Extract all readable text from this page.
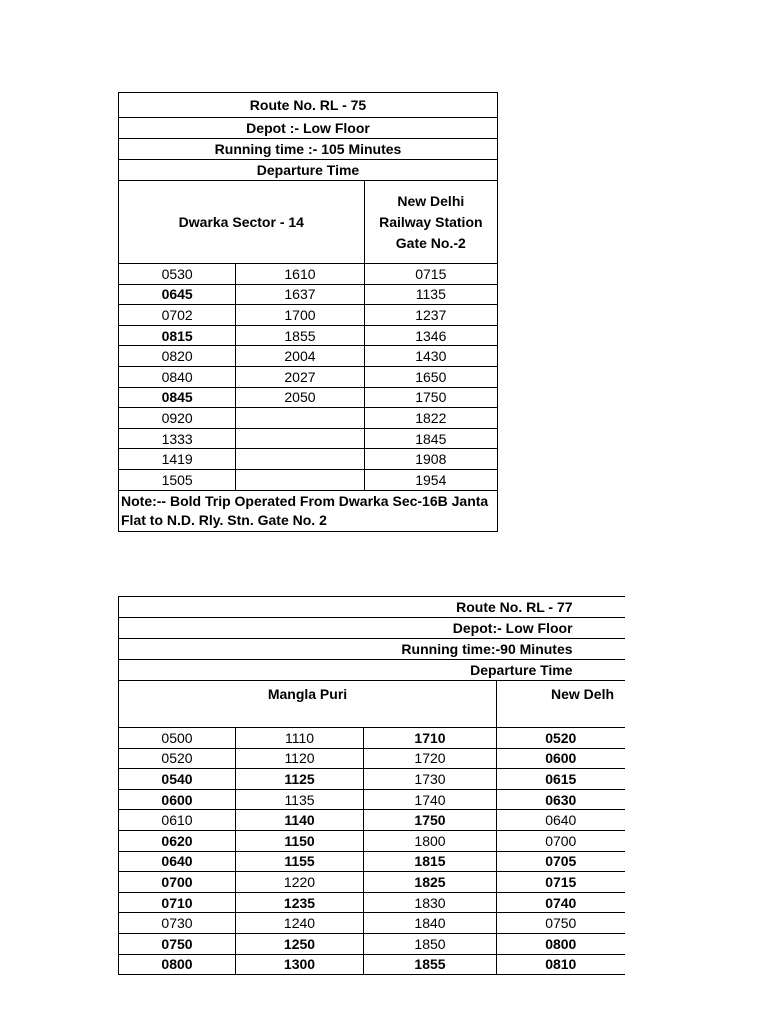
Route No. RL - 75		
Depot :- Low Floor		
Running time :- 105 Minutes		
Departure Time		
Dwarka Sector - 14		New Delhi Railway Station Gate No.-2
0530	1610	0715
0645	1637	1135
0702	1700	1237
0815	1855	1346
0820	2004	1430
0840	2027	1650
0845	2050	1750
0920		1822
1333		1845
1419		1908
1505		1954
Note:-- Bold Trip Operated From Dwarka Sec-16B Janta Flat to N.D. Rly. Stn. Gate No. 2		
Route No. RL - 77			
Depot:- Low Floor			
Running time:-90 Minutes			
Departure Time			
Mangla Puri			New Delh
0500	1110	1710	0520
0520	1120	1720	0600
0540	1125	1730	0615
0600	1135	1740	0630
0610	1140	1750	0640
0620	1150	1800	0700
0640	1155	1815	0705
0700	1220	1825	0715
0710	1235	1830	0740
0730	1240	1840	0750
0750	1250	1850	0800
0800	1300	1855	0810
